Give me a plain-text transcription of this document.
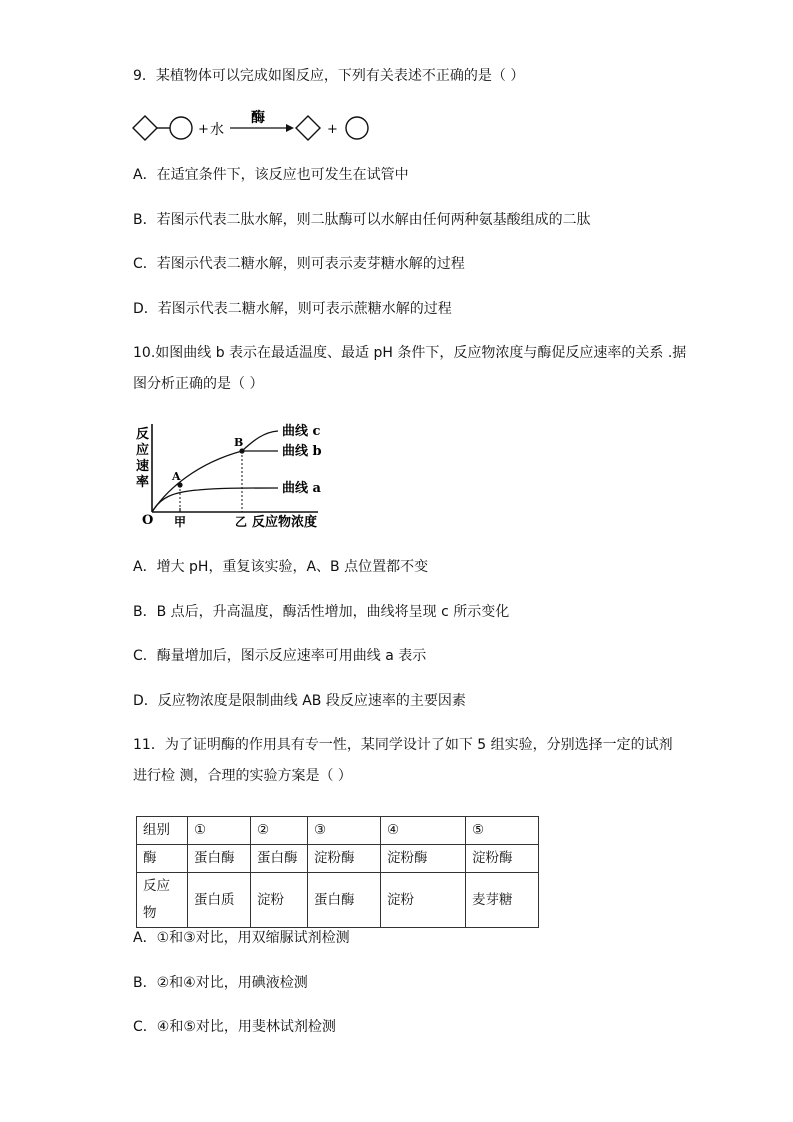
9．某植物体可以完成如图反应，下列有关表述不正确的是（ ）
+ 水
酶
+
A．在适宜条件下，该反应也可发生在试管中
B．若图示代表二肽水解，则二肽酶可以水解由任何两种氨基酸组成的二肽
C．若图示代表二糖水解，则可表示麦芽糖水解的过程
D．若图示代表二糖水解，则可表示蔗糖水解的过程
10.如图曲线 b 表示在最适温度、最适 pH 条件下，反应物浓度与酶促反应速率的关系 .据
图分析正确的是（ ）
反
应
速
率
O 甲	乙 反应物浓度
A
B
曲线 c
曲线 b
曲线 a
A．增大 pH，重复该实验，A、B 点位置都不变
B．B 点后，升高温度，酶活性增加，曲线将呈现 c 所示变化
C．酶量增加后，图示反应速率可用曲线 a 表示
D．反应物浓度是限制曲线 AB 段反应速率的主要因素
11．为了证明酶的作用具有专一性，某同学设计了如下 5 组实验，分别选择一定的试剂
进行检 测，合理的实验方案是（ ）
组别	①	②	③	④	⑤
酶	蛋白酶	蛋白酶	淀粉酶	淀粉酶	淀粉酶
反应物	蛋白质	淀粉	蛋白酶	淀粉	麦芽糖
A．①和③对比，用双缩脲试剂检测
B．②和④对比，用碘液检测
C．④和⑤对比，用斐林试剂检测
